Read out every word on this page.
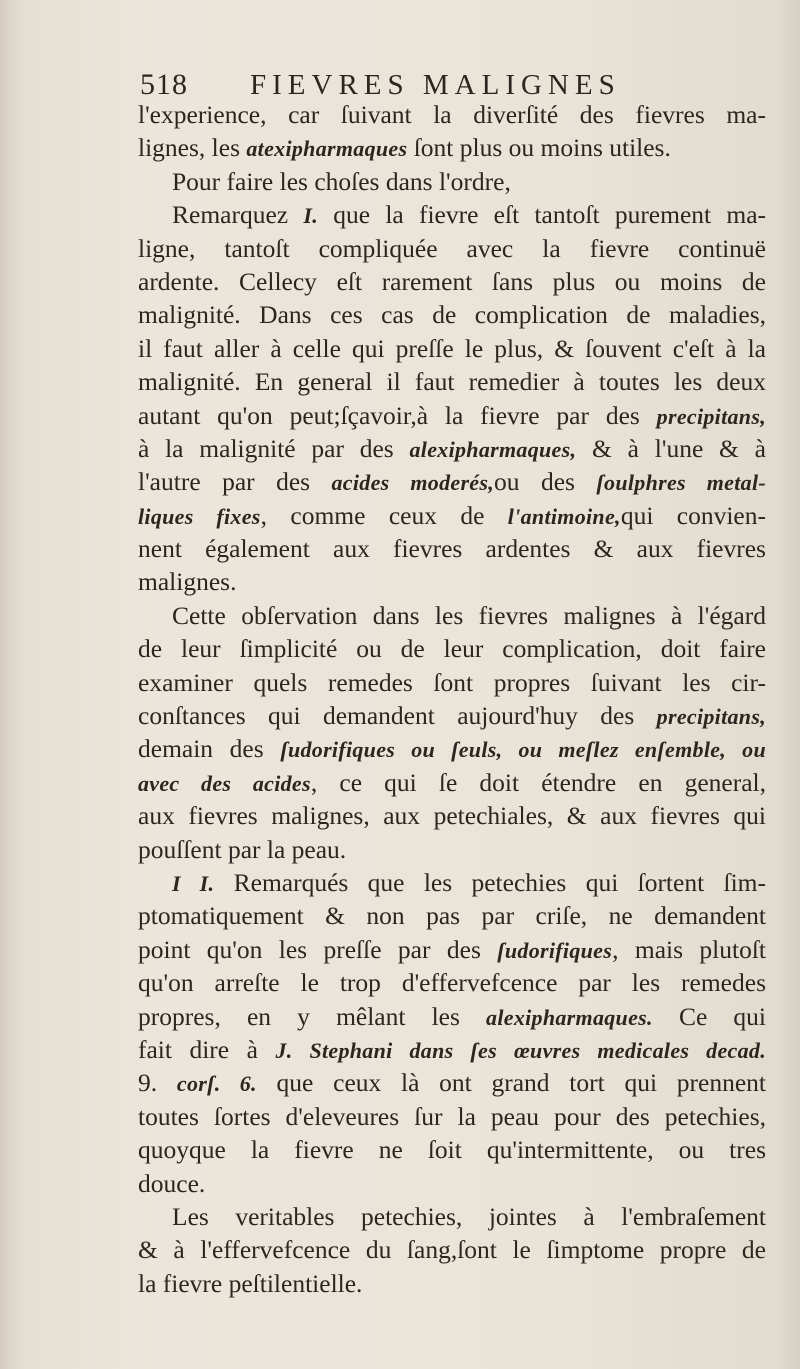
518	FIEVRES MALIGNES
l'experience, car ſuivant la diverſité des fievres ma-
lignes, les atexipharmaques ſont plus ou moins utiles.
Pour faire les choſes dans l'ordre,
Remarquez I. que la fievre eſt tantoſt purement ma-
ligne, tantoſt compliquée avec la fievre continuë
ardente. Cellecy eſt rarement ſans plus ou moins de
malignité. Dans ces cas de complication de maladies,
il faut aller à celle qui preſſe le plus, & ſouvent c'eſt à la
malignité. En general il faut remedier à toutes les deux
autant qu'on peut;ſçavoir,à la fievre par des precipitans,
à la malignité par des alexipharmaques, & à l'une & à
l'autre par des acides moderés,ou des ſoulphres metal-
liques fixes, comme ceux de l'antimoine,qui convien-
nent également aux fievres ardentes & aux fievres
malignes.
Cette obſervation dans les fievres malignes à l'égard
de leur ſimplicité ou de leur complication, doit faire
examiner quels remedes ſont propres ſuivant les cir-
conſtances qui demandent aujourd'huy des precipitans,
demain des ſudorifiques ou ſeuls, ou meſlez enſemble, ou
avec des acides, ce qui ſe doit étendre en general,
aux fievres malignes, aux petechiales, & aux fievres qui
pouſſent par la peau.
I I. Remarqués que les petechies qui ſortent ſim-
ptomatiquement & non pas par criſe, ne demandent
point qu'on les preſſe par des ſudorifiques, mais plutoſt
qu'on arreſte le trop d'effervefcence par les remedes
propres, en y mêlant les alexipharmaques. Ce qui
fait dire à J. Stephani dans ſes œuvres medicales decad.
9. corſ. 6. que ceux là ont grand tort qui prennent
toutes ſortes d'eleveures ſur la peau pour des petechies,
quoyque la fievre ne ſoit qu'intermittente, ou tres
douce.
Les veritables petechies, jointes à l'embraſement
& à l'effervefcence du ſang,ſont le ſimptome propre de
la fievre peſtilentielle.
